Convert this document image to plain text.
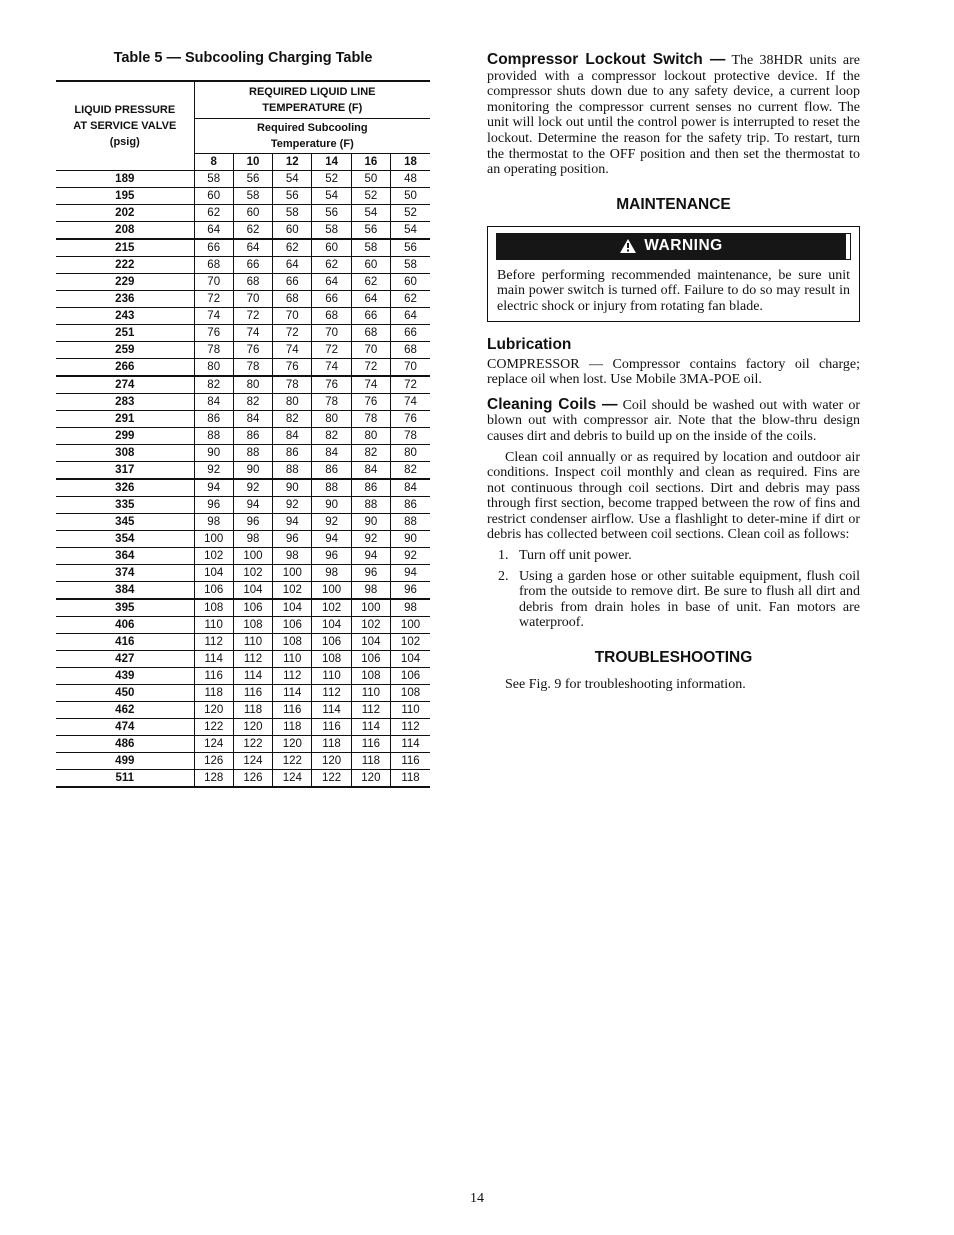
Table 5 — Subcooling Charging Table
LIQUID PRESSURE
AT SERVICE VALVE
(psig)	REQUIRED LIQUID LINE
TEMPERATURE (F)					
	Required Subcooling
Temperature (F)					
	8	10	12	14	16	18
189	58	56	54	52	50	48
195	60	58	56	54	52	50
202	62	60	58	56	54	52
208	64	62	60	58	56	54
215	66	64	62	60	58	56
222	68	66	64	62	60	58
229	70	68	66	64	62	60
236	72	70	68	66	64	62
243	74	72	70	68	66	64
251	76	74	72	70	68	66
259	78	76	74	72	70	68
266	80	78	76	74	72	70
274	82	80	78	76	74	72
283	84	82	80	78	76	74
291	86	84	82	80	78	76
299	88	86	84	82	80	78
308	90	88	86	84	82	80
317	92	90	88	86	84	82
326	94	92	90	88	86	84
335	96	94	92	90	88	86
345	98	96	94	92	90	88
354	100	98	96	94	92	90
364	102	100	98	96	94	92
374	104	102	100	98	96	94
384	106	104	102	100	98	96
395	108	106	104	102	100	98
406	110	108	106	104	102	100
416	112	110	108	106	104	102
427	114	112	110	108	106	104
439	116	114	112	110	108	106
450	118	116	114	112	110	108
462	120	118	116	114	112	110
474	122	120	118	116	114	112
486	124	122	120	118	116	114
499	126	124	122	120	118	116
511	128	126	124	122	120	118

Compressor Lockout Switch — The 38HDR units are provided with a compressor lockout protective device. If the compressor shuts down due to any safety device, a current loop monitoring the compressor current senses no current flow. The unit will lock out until the control power is interrupted to reset the lockout. Determine the reason for the safety trip. To restart, turn the thermostat to the OFF position and then set the thermostat to an operating position.

MAINTENANCE
WARNING

Before performing recommended maintenance, be sure unit main power switch is turned off. Failure to do so may result in electric shock or injury from rotating fan blade.

Lubrication

COMPRESSOR — Compressor contains factory oil charge; replace oil when lost. Use Mobile 3MA-POE oil.

Cleaning Coils — Coil should be washed out with water or blown out with compressor air. Note that the blow-thru design causes dirt and debris to build up on the inside of the coils.

Clean coil annually or as required by location and outdoor air conditions. Inspect coil monthly and clean as required. Fins are not continuous through coil sections. Dirt and debris may pass through first section, become trapped between the row of fins and restrict condenser airflow. Use a flashlight to deter-mine if dirt or debris has collected between coil sections. Clean coil as follows:

1. Turn off unit power.
2. Using a garden hose or other suitable equipment, flush coil from the outside to remove dirt. Be sure to flush all dirt and debris from drain holes in base of unit. Fan motors are waterproof.
TROUBLESHOOTING

See Fig. 9 for troubleshooting information.

14
